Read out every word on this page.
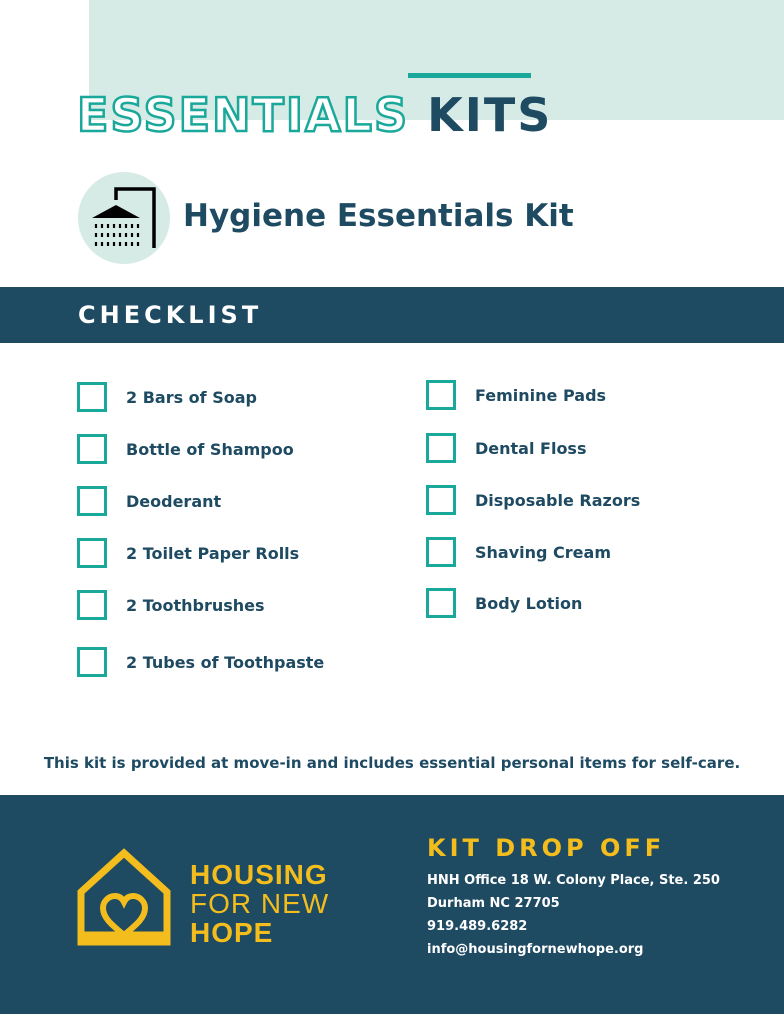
ESSENTIALS KITS
Hygiene Essentials Kit
CHECKLIST
2 Bars of Soap
Bottle of Shampoo
Deoderant
2 Toilet Paper Rolls
2 Toothbrushes
2 Tubes of Toothpaste
Feminine Pads
Dental Floss
Disposable Razors
Shaving Cream
Body Lotion

This kit is provided at move-in and includes essential personal items for self-care.

HOUSING
FOR NEW
HOPE
KIT DROP OFF
HNH Office 18 W. Colony Place, Ste. 250
Durham NC 27705
919.489.6282
info@housingfornewhope.org
